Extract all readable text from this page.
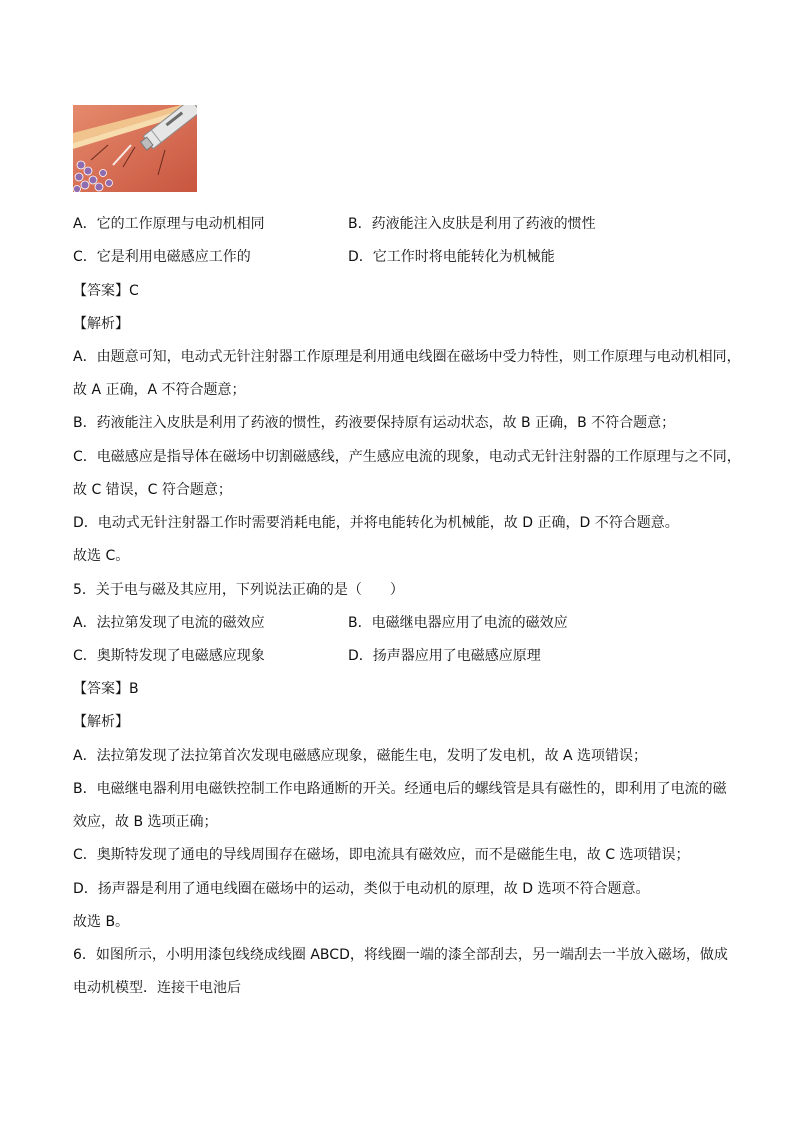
A．它的工作原理与电动机相同	B．药液能注入皮肤是利用了药液的惯性
C．它是利用电磁感应工作的	D．它工作时将电能转化为机械能
【答案】C
【解析】
A．由题意可知，电动式无针注射器工作原理是利用通电线圈在磁场中受力特性，则工作原理与电动机相同，
故 A 正确，A 不符合题意；
B．药液能注入皮肤是利用了药液的惯性，药液要保持原有运动状态，故 B 正确，B 不符合题意；
C．电磁感应是指导体在磁场中切割磁感线，产生感应电流的现象，电动式无针注射器的工作原理与之不同，
故 C 错误，C 符合题意；
D．电动式无针注射器工作时需要消耗电能，并将电能转化为机械能，故 D 正确，D 不符合题意。
故选 C。
5．关于电与磁及其应用，下列说法正确的是（　　）
A．法拉第发现了电流的磁效应	B．电磁继电器应用了电流的磁效应
C．奥斯特发现了电磁感应现象	D．扬声器应用了电磁感应原理
【答案】B
【解析】
A．法拉第发现了法拉第首次发现电磁感应现象，磁能生电，发明了发电机，故 A 选项错误；
B．电磁继电器利用电磁铁控制工作电路通断的开关。经通电后的螺线管是具有磁性的，即利用了电流的磁
效应，故 B 选项正确；
C．奥斯特发现了通电的导线周围存在磁场，即电流具有磁效应，而不是磁能生电，故 C 选项错误；
D．扬声器是利用了通电线圈在磁场中的运动，类似于电动机的原理，故 D 选项不符合题意。
故选 B。
6．如图所示，小明用漆包线绕成线圈 ABCD，将线圈一端的漆全部刮去，另一端刮去一半放入磁场，做成
电动机模型．连接干电池后
